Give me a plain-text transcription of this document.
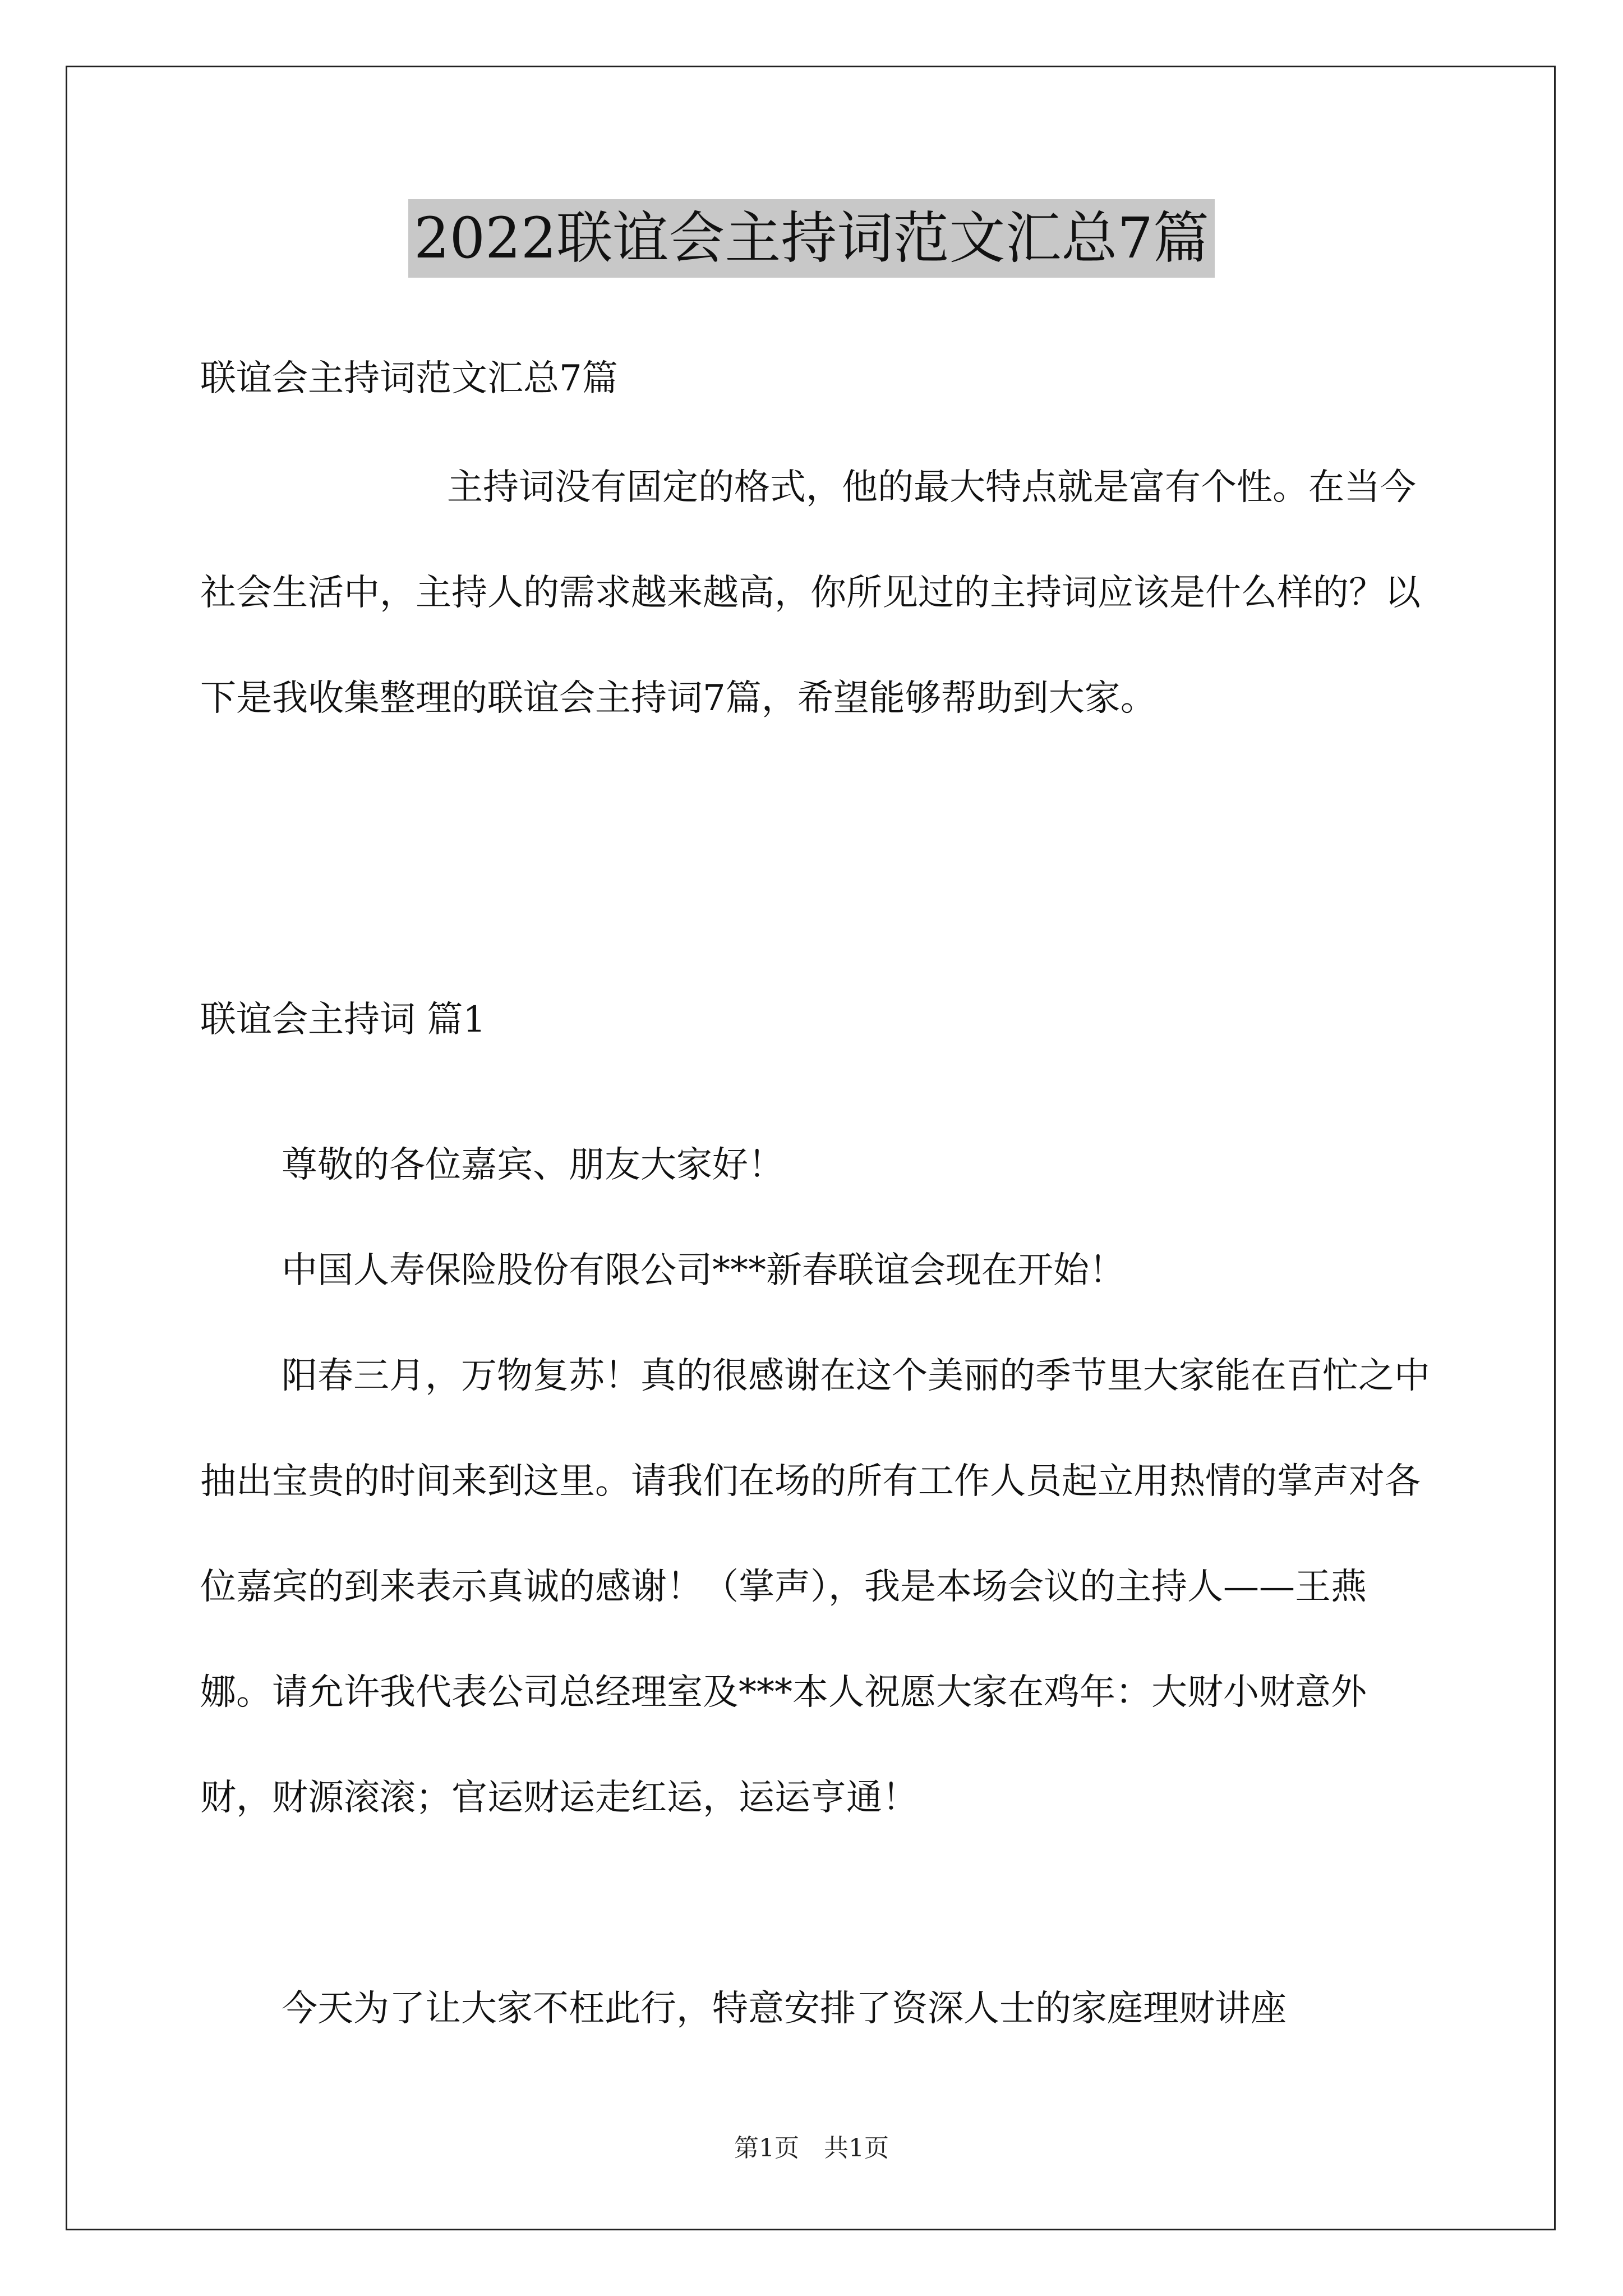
2022联谊会主持词范文汇总7篇
联谊会主持词范文汇总7篇
主持词没有固定的格式，他的最大特点就是富有个性。在当今社会生活中，主持人的需求越来越高，你所见过的主持词应该是什么样的？以下是我收集整理的联谊会主持词7篇，希望能够帮助到大家。
联谊会主持词 篇1
尊敬的各位嘉宾、朋友大家好！
中国人寿保险股份有限公司***新春联谊会现在开始！
阳春三月，万物复苏！真的很感谢在这个美丽的季节里大家能在百忙之中抽出宝贵的时间来到这里。请我们在场的所有工作人员起立用热情的掌声对各位嘉宾的到来表示真诚的感谢！（掌声），我是本场会议的主持人——王燕娜。请允许我代表公司总经理室及***本人祝愿大家在鸡年：大财小财意外财，财源滚滚；官运财运走红运，运运亨通！
今天为了让大家不枉此行，特意安排了资深人士的家庭理财讲座
第1页　共1页
